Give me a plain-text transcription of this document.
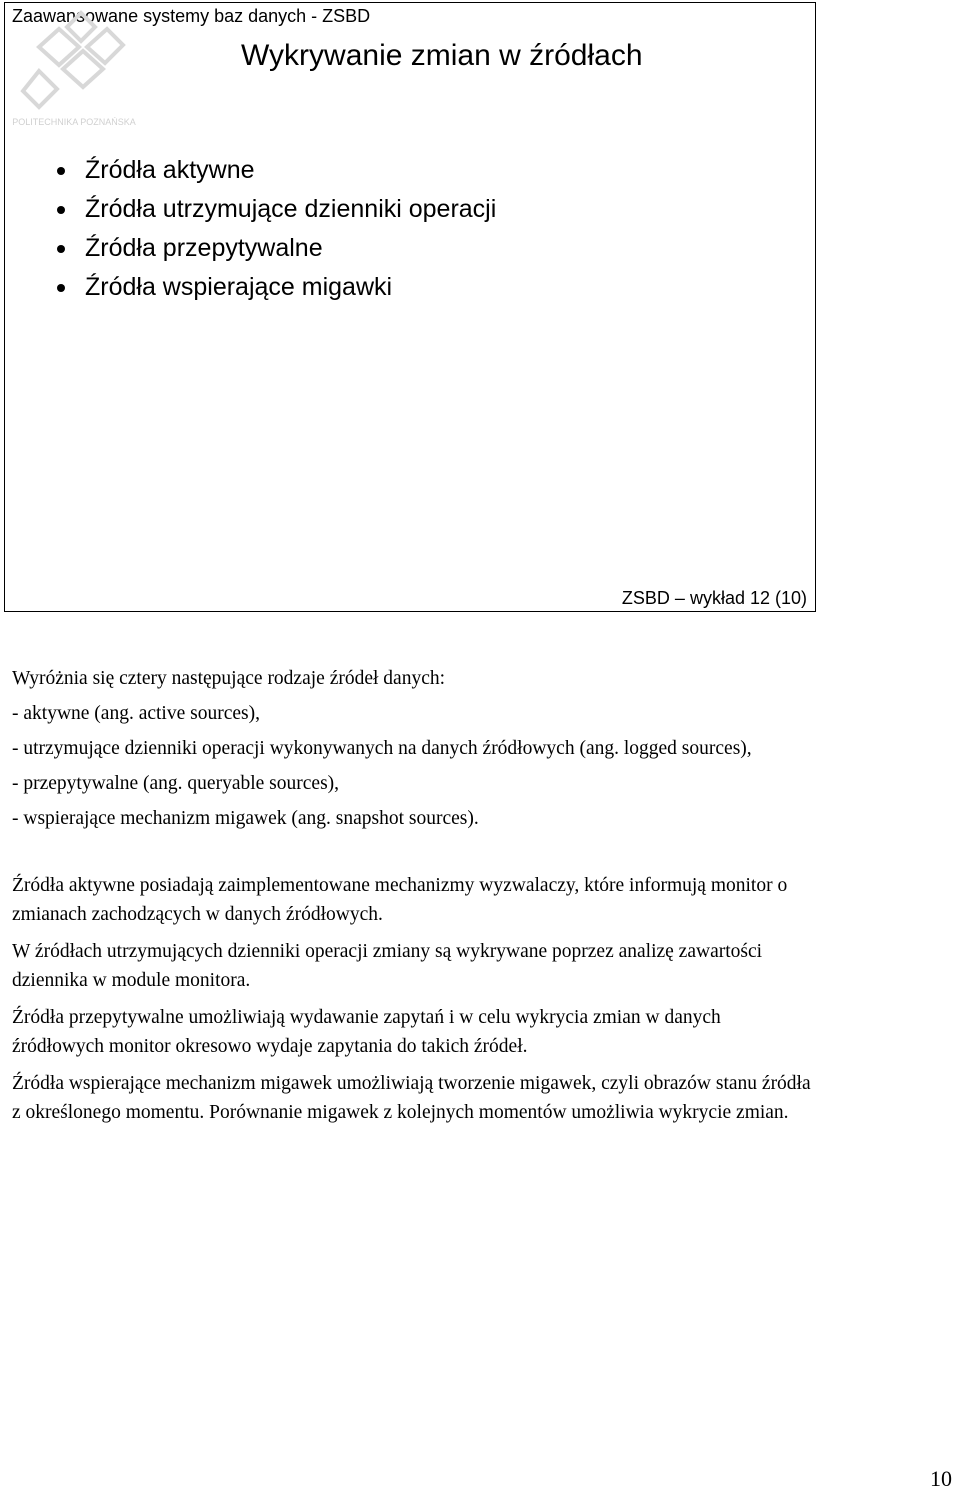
Zaawansowane systemy baz danych - ZSBD
POLITECHNIKA POZNAŃSKA
Wykrywanie zmian w źródłach
Źródła aktywne
Źródła utrzymujące dzienniki operacji
Źródła przepytywalne
Źródła wspierające migawki
ZSBD – wykład 12 (10)

Wyróżnia się cztery następujące rodzaje źródeł danych:

- aktywne (ang. active sources),

- utrzymujące dzienniki operacji wykonywanych na danych źródłowych (ang. logged sources),

- przepytywalne (ang. queryable sources),

- wspierające mechanizm migawek (ang. snapshot sources).

Źródła aktywne posiadają zaimplementowane mechanizmy wyzwalaczy, które informują monitor o zmianach zachodzących w danych źródłowych.

W źródłach utrzymujących dzienniki operacji zmiany są wykrywane poprzez analizę zawartości dziennika w module monitora.

Źródła przepytywalne umożliwiają wydawanie zapytań i w celu wykrycia zmian w danych źródłowych monitor okresowo wydaje zapytania do takich źródeł.

Źródła wspierające mechanizm migawek umożliwiają tworzenie migawek, czyli obrazów stanu źródła z określonego momentu. Porównanie migawek z kolejnych momentów umożliwia wykrycie zmian.

10
